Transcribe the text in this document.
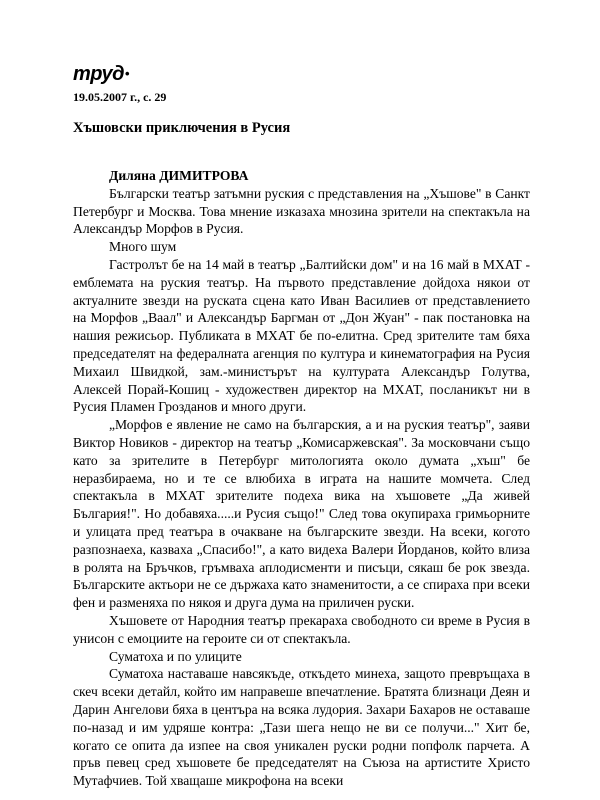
труд•
19.05.2007 г., с. 29
Хъшовски приключения в Русия

Диляна ДИМИТРОВА

Български театър затъмни руския с представления на „Хъшове" в Санкт Петербург и Москва. Това мнение изказаха мнозина зрители на спектакъла на Александър Морфов в Русия.

Много шум

Гастролът бе на 14 май в театър „Балтийски дом" и на 16 май в МХАТ - емблемата на руския театър. На първото представление дойдоха някои от актуалните звезди на руската сцена като Иван Василиев от представлението на Морфов „Ваал" и Александър Баргман от „Дон Жуан" - пак постановка на нашия режисьор. Публиката в МХАТ бе по-елитна. Сред зрителите там бяха председателят на федералната агенция по култура и кинематография на Русия Михаил Швидкой, зам.-министърът на културата Александър Голутва, Алексей Порай-Кошиц - художествен директор на МХАТ, посланикът ни в Русия Пламен Грозданов и много други.

„Морфов е явление не само на българския, а и на руския театър", заяви Виктор Новиков - директор на театър „Комисаржевская". За московчани също като за зрителите в Петербург митологията около думата „хъш" бе неразбираема, но и те се влюбиха в играта на нашите момчета. След спектакъла в МХАТ зрителите подеха вика на хъшовете „Да живей България!". Но добавяха.....и Русия също!" След това окупираха гримьорните и улицата пред театъра в очакване на българските звезди. На всеки, когото разпознаеха, казваха „Спасибо!", а като видеха Валери Йорданов, който влиза в ролята на Бръчков, гръмваха аплодисменти и писъци, сякаш бе рок звезда. Българските актьори не се държаха като знаменитости, а се спираха при всеки фен и разменяха по някоя и друга дума на приличен руски.

Хъшовете от Народния театър прекараха свободното си време в Русия в унисон с емоциите на героите си от спектакъла.

Суматоха и по улиците

Суматоха наставаше навсякъде, откъдето минеха, защото превръщаха в скеч всеки детайл, който им направеше впечатление. Братята близнаци Деян и Дарин Ангелови бяха в центъра на всяка лудория. Захари Бахаров не оставаше по-назад и им удряше контра: „Тази шега нещо не ви се получи..." Хит бе, когато се опита да изпее на своя уникален руски родни попфолк парчета. А пръв певец сред хъшовете бе председателят на Съюза на артистите Христо Мутафчиев. Той хващаше микрофона на всеки
